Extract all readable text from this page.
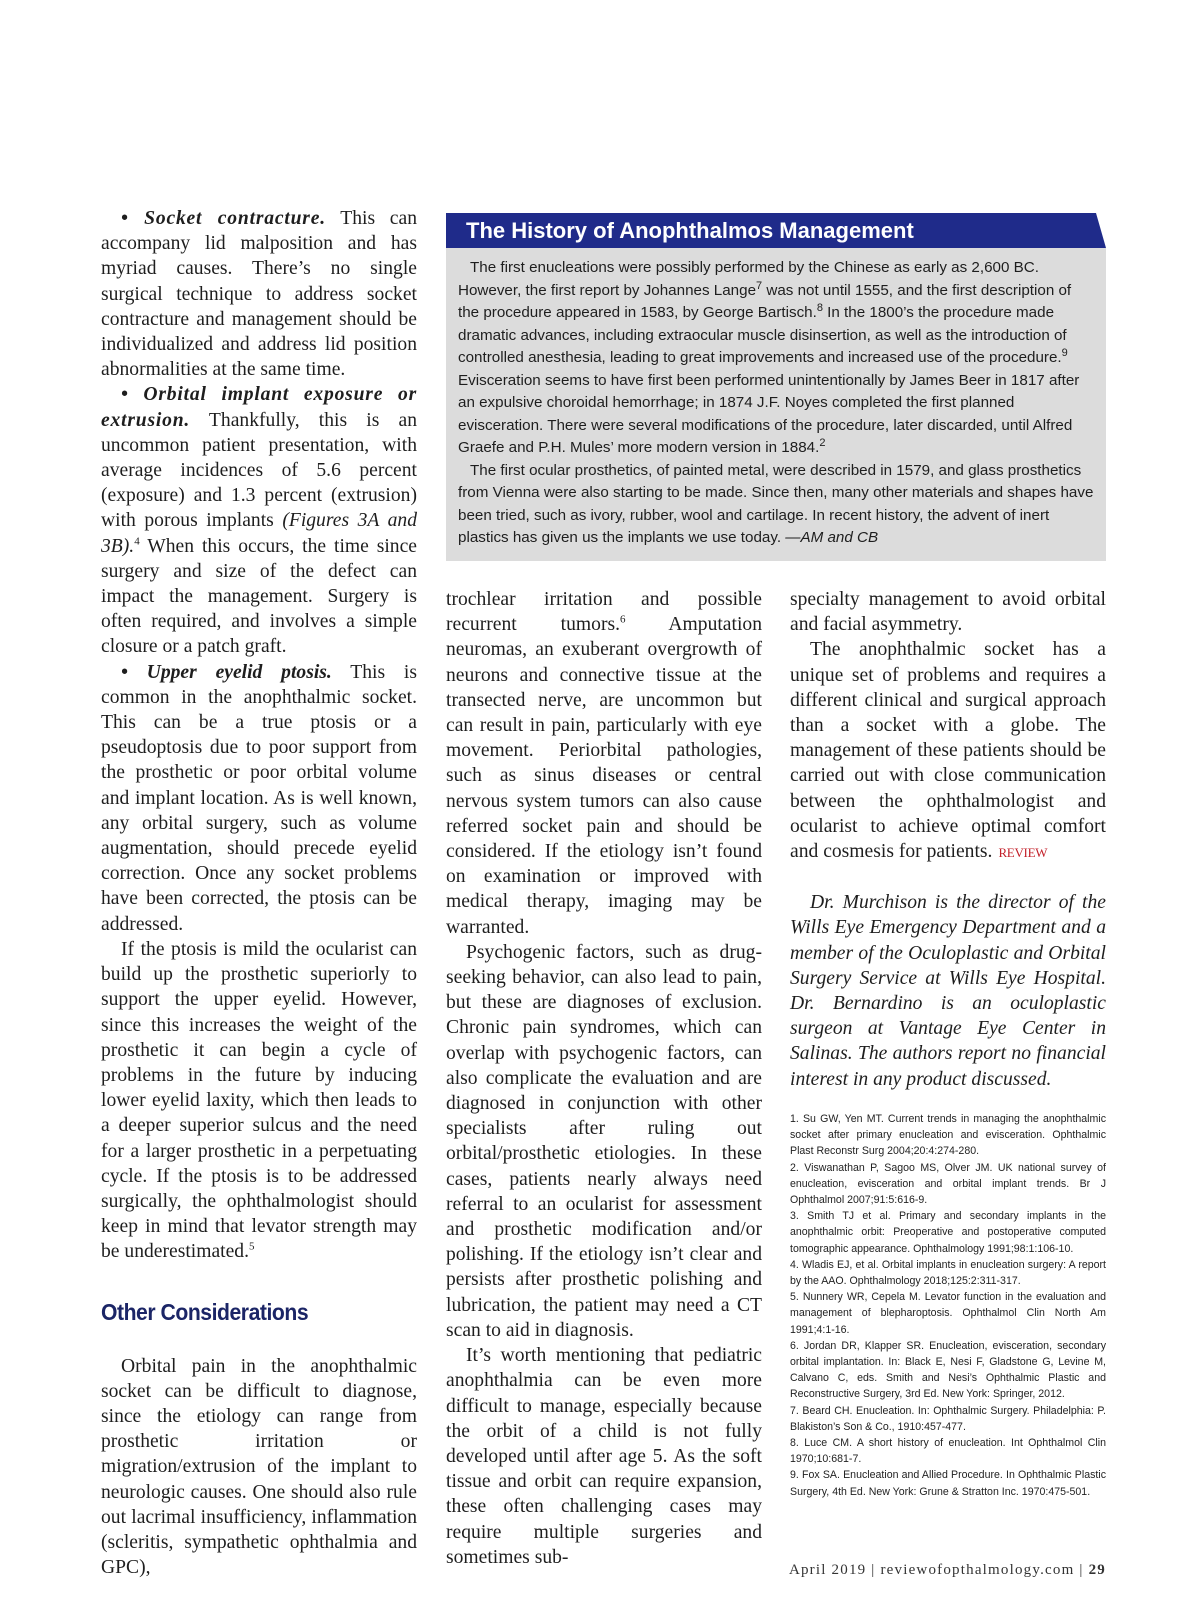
• Socket contracture. This can accompany lid malposition and has myriad causes. There’s no single surgical technique to address socket contracture and management should be individualized and address lid position abnormalities at the same time.

• Orbital implant exposure or extrusion. Thankfully, this is an uncommon patient presentation, with average incidences of 5.6 percent (exposure) and 1.3 percent (extrusion) with porous implants (Figures 3A and 3B).$^4$ When this occurs, the time since surgery and size of the defect can impact the management. Surgery is often required, and involves a simple closure or a patch graft.

• Upper eyelid ptosis. This is common in the anophthalmic socket. This can be a true ptosis or a pseudoptosis due to poor support from the prosthetic or poor orbital volume and implant location. As is well known, any orbital surgery, such as volume augmentation, should precede eyelid correction. Once any socket problems have been corrected, the ptosis can be addressed.

If the ptosis is mild the ocularist can build up the prosthetic superiorly to support the upper eyelid. However, since this increases the weight of the prosthetic it can begin a cycle of problems in the future by inducing lower eyelid laxity, which then leads to a deeper superior sulcus and the need for a larger prosthetic in a perpetuating cycle. If the ptosis is to be addressed surgically, the ophthalmologist should keep in mind that levator strength may be underestimated.$^5$

Other Considerations

Orbital pain in the anophthalmic socket can be difficult to diagnose, since the etiology can range from prosthetic irritation or migration/extrusion of the implant to neurologic causes. One should also rule out lacrimal insufficiency, inflammation (scleritis, sympathetic ophthalmia and GPC),

The History of Anophthalmos Management

The first enucleations were possibly performed by the Chinese as early as 2,600 BC. However, the first report by Johannes Lange$^7$ was not until 1555, and the first description of the procedure appeared in 1583, by George Bartisch.$^8$ In the 1800’s the procedure made dramatic advances, including extraocular muscle disinsertion, as well as the introduction of controlled anesthesia, leading to great improvements and increased use of the procedure.$^9$ Evisceration seems to have first been performed unintentionally by James Beer in 1817 after an expulsive choroidal hemorrhage; in 1874 J.F. Noyes completed the first planned evisceration. There were several modifications of the procedure, later discarded, until Alfred Graefe and P.H. Mules’ more modern version in 1884.$^2$

The first ocular prosthetics, of painted metal, were described in 1579, and glass prosthetics from Vienna were also starting to be made. Since then, many other materials and shapes have been tried, such as ivory, rubber, wool and cartilage. In recent history, the advent of inert plastics has given us the implants we use today. —AM and CB

trochlear irritation and possible recurrent tumors.$^6$ Amputation neuromas, an exuberant overgrowth of neurons and connective tissue at the transected nerve, are uncommon but can result in pain, particularly with eye movement. Periorbital pathologies, such as sinus diseases or central nervous system tumors can also cause referred socket pain and should be considered. If the etiology isn’t found on examination or improved with medical therapy, imaging may be warranted.

Psychogenic factors, such as drug-seeking behavior, can also lead to pain, but these are diagnoses of exclusion. Chronic pain syndromes, which can overlap with psychogenic factors, can also complicate the evaluation and are diagnosed in conjunction with other specialists after ruling out orbital/prosthetic etiologies. In these cases, patients nearly always need referral to an ocularist for assessment and prosthetic modification and/or polishing. If the etiology isn’t clear and persists after prosthetic polishing and lubrication, the patient may need a CT scan to aid in diagnosis.

It’s worth mentioning that pediatric anophthalmia can be even more difficult to manage, especially because the orbit of a child is not fully developed until after age 5. As the soft tissue and orbit can require expansion, these often challenging cases may require multiple surgeries and sometimes sub-

specialty management to avoid orbital and facial asymmetry.

The anophthalmic socket has a unique set of problems and requires a different clinical and surgical approach than a socket with a globe. The management of these patients should be carried out with close communication between the ophthalmologist and ocularist to achieve optimal comfort and cosmesis for patients. REVIEW

Dr. Murchison is the director of the Wills Eye Emergency Department and a member of the Oculoplastic and Orbital Surgery Service at Wills Eye Hospital. Dr. Bernardino is an oculoplastic surgeon at Vantage Eye Center in Salinas. The authors report no financial interest in any product discussed.

1. Su GW, Yen MT. Current trends in managing the anophthalmic socket after primary enucleation and evisceration. Ophthalmic Plast Reconstr Surg 2004;20:4:274-280.

2. Viswanathan P, Sagoo MS, Olver JM. UK national survey of enucleation, evisceration and orbital implant trends. Br J Ophthalmol 2007;91:5:616-9.

3. Smith TJ et al. Primary and secondary implants in the anophthalmic orbit: Preoperative and postoperative computed tomographic appearance. Ophthalmology 1991;98:1:106-10.

4. Wladis EJ, et al. Orbital implants in enucleation surgery: A report by the AAO. Ophthalmology 2018;125:2:311-317.

5. Nunnery WR, Cepela M. Levator function in the evaluation and management of blepharoptosis. Ophthalmol Clin North Am 1991;4:1-16.

6. Jordan DR, Klapper SR. Enucleation, evisceration, secondary orbital implantation. In: Black E, Nesi F, Gladstone G, Levine M, Calvano C, eds. Smith and Nesi’s Ophthalmic Plastic and Reconstructive Surgery, 3rd Ed. New York: Springer, 2012.

7. Beard CH. Enucleation. In: Ophthalmic Surgery. Philadelphia: P. Blakiston’s Son & Co., 1910:457-477.

8. Luce CM. A short history of enucleation. Int Ophthalmol Clin 1970;10:681-7.

9. Fox SA. Enucleation and Allied Procedure. In Ophthalmic Plastic Surgery, 4th Ed. New York: Grune & Stratton Inc. 1970:475-501.

April 2019 | reviewofopthalmology.com | 29
